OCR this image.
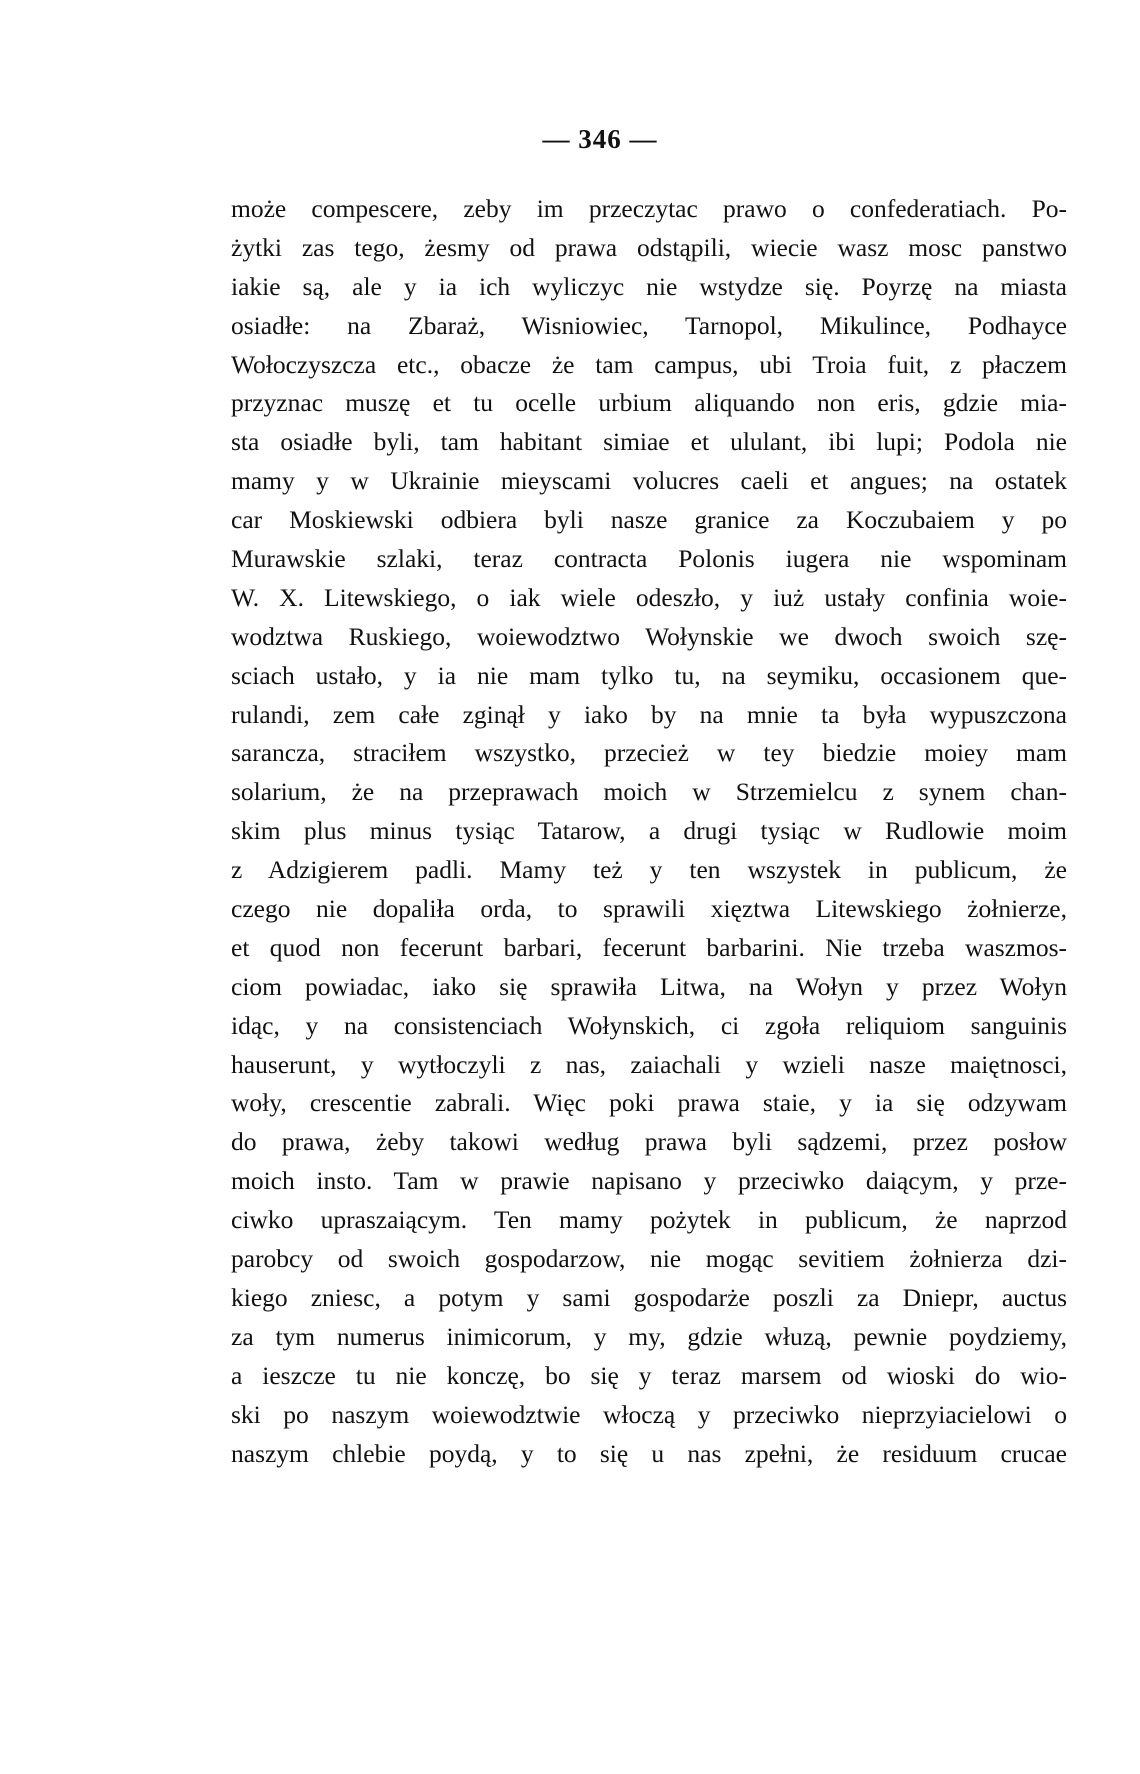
— 346 —
może compescere, zeby im przeczytac prawo o confederatiach. Po-
żytki zas tego, żesmy od prawa odstąpili, wiecie wasz mosc panstwo
iakie są, ale y ia ich wyliczyc nie wstydze się. Poyrzę na miasta
osiadłe: na Zbaraż, Wisniowiec, Tarnopol, Mikulince, Podhayce
Wołoczyszcza etc., obacze że tam campus, ubi Troia fuit, z płaczem
przyznac muszę et tu ocelle urbium aliquando non eris, gdzie mia-
sta osiadłe byli, tam habitant simiae et ululant, ibi lupi; Podola nie
mamy y w Ukrainie mieyscami volucres caeli et angues; na ostatek
car Moskiewski odbiera byli nasze granice za Koczubaiem y po
Murawskie szlaki, teraz contracta Polonis iugera nie wspominam
W. X. Litewskiego, o iak wiele odeszło, y iuż ustały confinia woie-
wodztwa Ruskiego, woiewodztwo Wołynskie we dwoch swoich szę-
sciach ustało, y ia nie mam tylko tu, na seymiku, occasionem que-
rulandi, zem całe zginął y iako by na mnie ta była wypuszczona
sarancza, straciłem wszystko, przecież w tey biedzie moiey mam
solarium, że na przeprawach moich w Strzemielcu z synem chan-
skim plus minus tysiąc Tatarow, a drugi tysiąc w Rudlowie moim
z Adzigierem padli. Mamy też y ten wszystek in publicum, że
czego nie dopaliła orda, to sprawili xięztwa Litewskiego żołnierze,
et quod non fecerunt barbari, fecerunt barbarini. Nie trzeba waszmos-
ciom powiadac, iako się sprawiła Litwa, na Wołyn y przez Wołyn
idąc, y na consistenciach Wołynskich, ci zgoła reliquiom sanguinis
hauserunt, y wytłoczyli z nas, zaiachali y wzieli nasze maiętnosci,
woły, crescentie zabrali. Więc poki prawa staie, y ia się odzywam
do prawa, żeby takowi według prawa byli sądzemi, przez posłow
moich insto. Tam w prawie napisano y przeciwko daiącym, y prze-
ciwko upraszaiącym. Ten mamy pożytek in publicum, że naprzod
parobcy od swoich gospodarzow, nie mogąc sevitiem żołnierza dzi-
kiego zniesc, a potym y sami gospodarże poszli za Dniepr, auctus
za tym numerus inimicorum, y my, gdzie włuzą, pewnie poydziemy,
a ieszcze tu nie konczę, bo się y teraz marsem od wioski do wio-
ski po naszym woiewodztwie włoczą y przeciwko nieprzyiacielowi o
naszym chlebie poydą, y to się u nas zpełni, że residuum crucae
